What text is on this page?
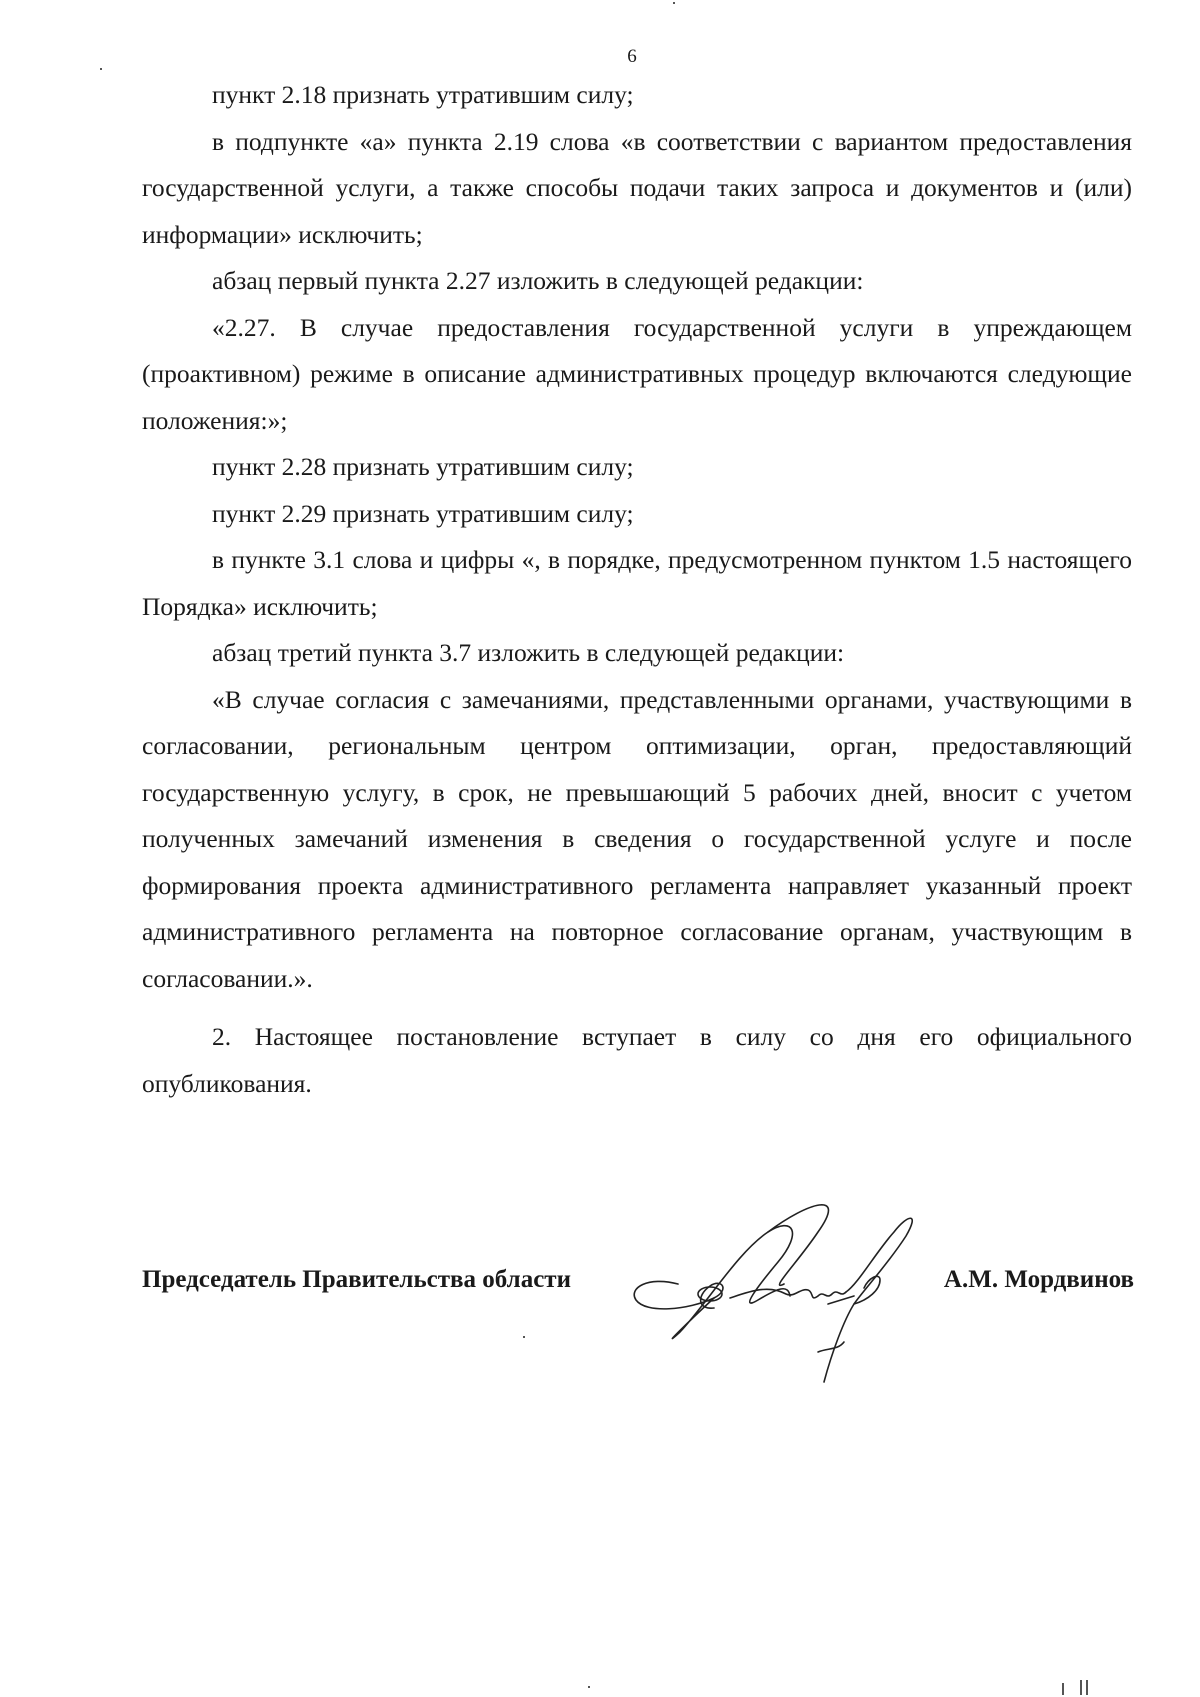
6

пункт 2.18 признать утратившим силу;

в подпункте «а» пункта 2.19 слова «в соответствии с вариантом предоставления государственной услуги, а также способы подачи таких запроса и документов и (или) информации» исключить;

абзац первый пункта 2.27 изложить в следующей редакции:

«2.27. В случае предоставления государственной услуги в упреждающем (проактивном) режиме в описание административных процедур включаются следующие положения:»;

пункт 2.28 признать утратившим силу;

пункт 2.29 признать утратившим силу;

в пункте 3.1 слова и цифры «, в порядке, предусмотренном пунктом 1.5 настоящего Порядка» исключить;

абзац третий пункта 3.7 изложить в следующей редакции:

«В случае согласия с замечаниями, представленными органами, участвующими в согласовании, региональным центром оптимизации, орган, предоставляющий государственную услугу, в срок, не превышающий 5 рабочих дней, вносит с учетом полученных замечаний изменения в сведения о государственной услуге и после формирования проекта административного регламента направляет указанный проект административного регламента на повторное согласование органам, участвующим в согласовании.».

2. Настоящее постановление вступает в силу со дня его официального опубликования.

Председатель Правительства области	А.М. Мордвинов
